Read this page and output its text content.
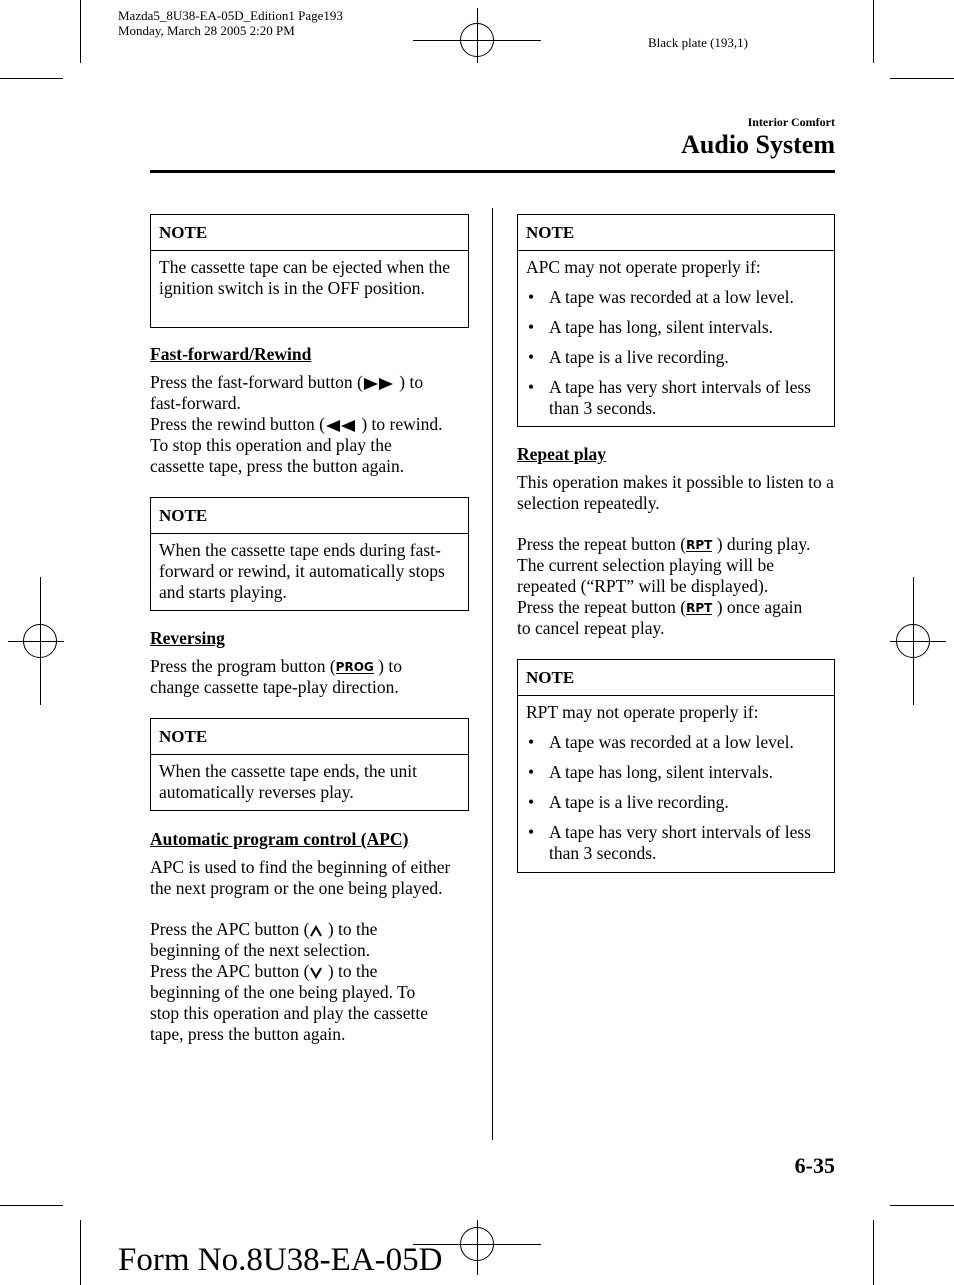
Mazda5_8U38-EA-05D_Edition1 Page193
Monday, March 28 2005 2:20 PM
Black plate (193,1)
Interior Comfort
Audio System
NOTE
The cassette tape can be ejected when the ignition switch is in the OFF position.
Fast-forward/Rewind
Press the fast-forward button ( ) to
fast-forward.
Press the rewind button ( ) to rewind.
To stop this operation and play the
cassette tape, press the button again.
NOTE
When the cassette tape ends during fast-forward or rewind, it automatically stops and starts playing.
Reversing
Press the program button (PROG ) to
change cassette tape-play direction.
NOTE
When the cassette tape ends, the unit automatically reverses play.
Automatic program control (APC)
APC is used to find the beginning of either the next program or the one being played.
Press the APC button ( ) to the
beginning of the next selection.
Press the APC button ( ) to the
beginning of the one being played. To
stop this operation and play the cassette
tape, press the button again.
NOTE
APC may not operate properly if:
• A tape was recorded at a low level.
• A tape has long, silent intervals.
• A tape is a live recording.
• A tape has very short intervals of less than 3 seconds.
Repeat play
This operation makes it possible to listen to a selection repeatedly.
Press the repeat button (RPT ) during play.
The current selection playing will be
repeated (“RPT” will be displayed).
Press the repeat button (RPT ) once again
to cancel repeat play.
NOTE
RPT may not operate properly if:
• A tape was recorded at a low level.
• A tape has long, silent intervals.
• A tape is a live recording.
• A tape has very short intervals of less than 3 seconds.
6-35
Form No.8U38-EA-05D
